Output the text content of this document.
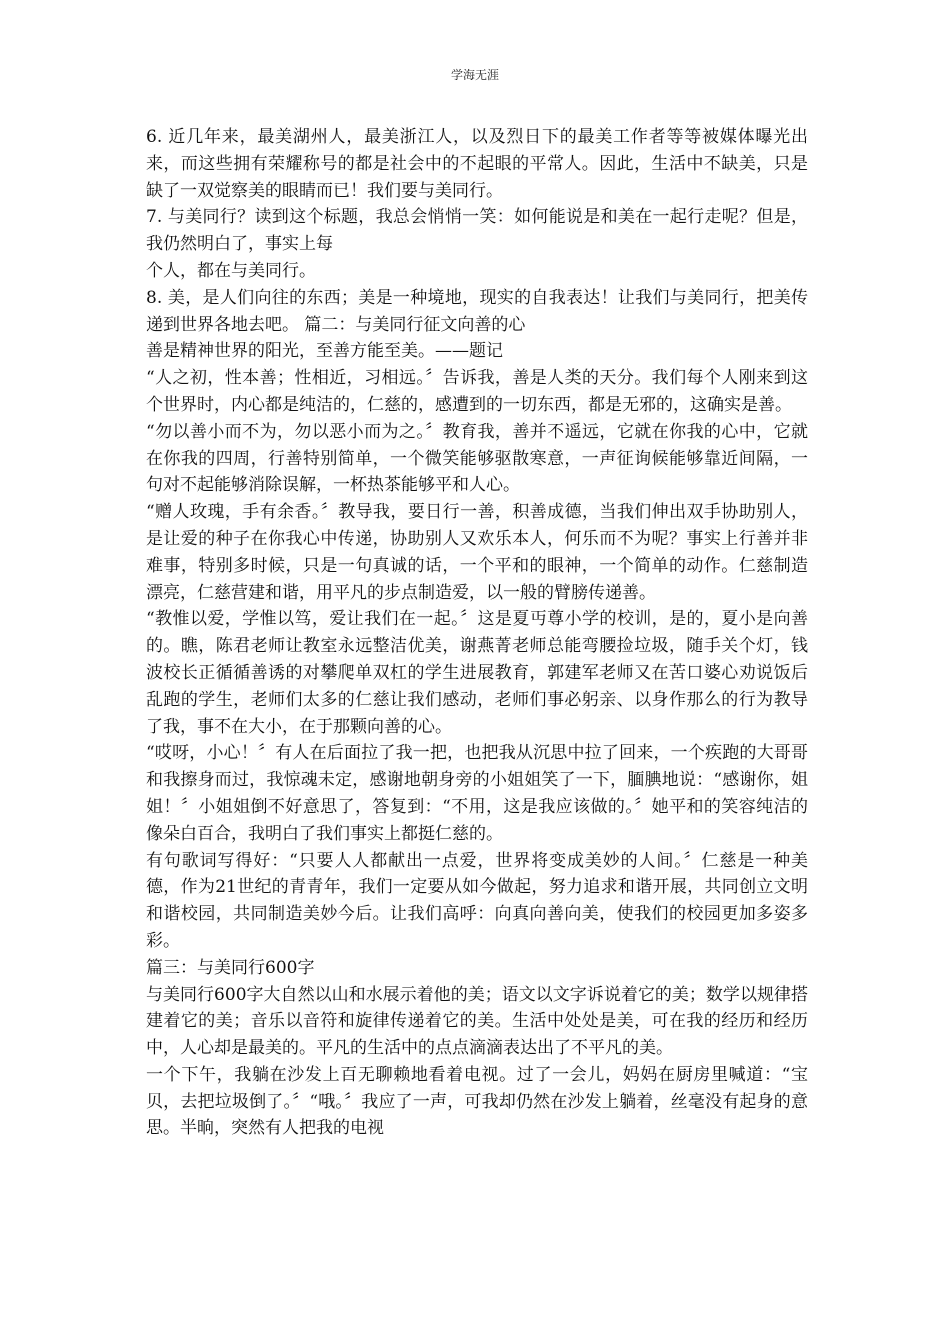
学海无涯

6. 近几年来，最美湖州人，最美浙江人，以及烈日下的最美工作者等等被媒体曝光出来，而这些拥有荣耀称号的都是社会中的不起眼的平常人。因此，生活中不缺美，只是缺了一双觉察美的眼睛而已！我们要与美同行。

7. 与美同行？读到这个标题，我总会悄悄一笑：如何能说是和美在一起行走呢？但是，我仍然明白了，事实上每

个人，都在与美同行。

8. 美，是人们向往的东西；美是一种境地，现实的自我表达！让我们与美同行，把美传递到世界各地去吧。 篇二：与美同行征文向善的心

善是精神世界的阳光，至善方能至美。——题记

“人之初，性本善；性相近，习相远。〞告诉我，善是人类的天分。我们每个人刚来到这个世界时，内心都是纯洁的，仁慈的，感遭到的一切东西，都是无邪的，这确实是善。

“勿以善小而不为，勿以恶小而为之。〞教育我，善并不遥远，它就在你我的心中，它就在你我的四周，行善特别简单，一个微笑能够驱散寒意，一声征询候能够靠近间隔，一句对不起能够消除误解，一杯热茶能够平和人心。

“赠人玫瑰，手有余香。〞教导我，要日行一善，积善成德，当我们伸出双手协助别人，是让爱的种子在你我心中传递，协助别人又欢乐本人，何乐而不为呢？事实上行善并非难事，特别多时候，只是一句真诚的话，一个平和的眼神，一个简单的动作。仁慈制造漂亮，仁慈营建和谐，用平凡的步点制造爱，以一般的臂膀传递善。

“教惟以爱，学惟以笃，爱让我们在一起。〞这是夏丏尊小学的校训，是的，夏小是向善的。瞧，陈君老师让教室永远整洁优美，谢燕菁老师总能弯腰捡垃圾，随手关个灯，钱波校长正循循善诱的对攀爬单双杠的学生进展教育，郭建军老师又在苦口婆心劝说饭后乱跑的学生，老师们太多的仁慈让我们感动，老师们事必躬亲、以身作那么的行为教导了我，事不在大小，在于那颗向善的心。

“哎呀，小心！〞有人在后面拉了我一把，也把我从沉思中拉了回来，一个疾跑的大哥哥和我擦身而过，我惊魂未定，感谢地朝身旁的小姐姐笑了一下，腼腆地说：“感谢你，姐姐！〞小姐姐倒不好意思了，答复到：“不用，这是我应该做的。〞她平和的笑容纯洁的像朵白百合，我明白了我们事实上都挺仁慈的。

有句歌词写得好：“只要人人都献出一点爱，世界将变成美妙的人间。〞仁慈是一种美德，作为21世纪的青青年，我们一定要从如今做起，努力追求和谐开展，共同创立文明和谐校园，共同制造美妙今后。让我们高呼：向真向善向美，使我们的校园更加多姿多彩。

篇三：与美同行600字

与美同行600字大自然以山和水展示着他的美；语文以文字诉说着它的美；数学以规律搭建着它的美；音乐以音符和旋律传递着它的美。生活中处处是美，可在我的经历和经历中，人心却是最美的。平凡的生活中的点点滴滴表达出了不平凡的美。

一个下午，我躺在沙发上百无聊赖地看着电视。过了一会儿，妈妈在厨房里喊道：“宝贝，去把垃圾倒了。〞“哦。〞我应了一声，可我却仍然在沙发上躺着，丝毫没有起身的意思。半晌，突然有人把我的电视
